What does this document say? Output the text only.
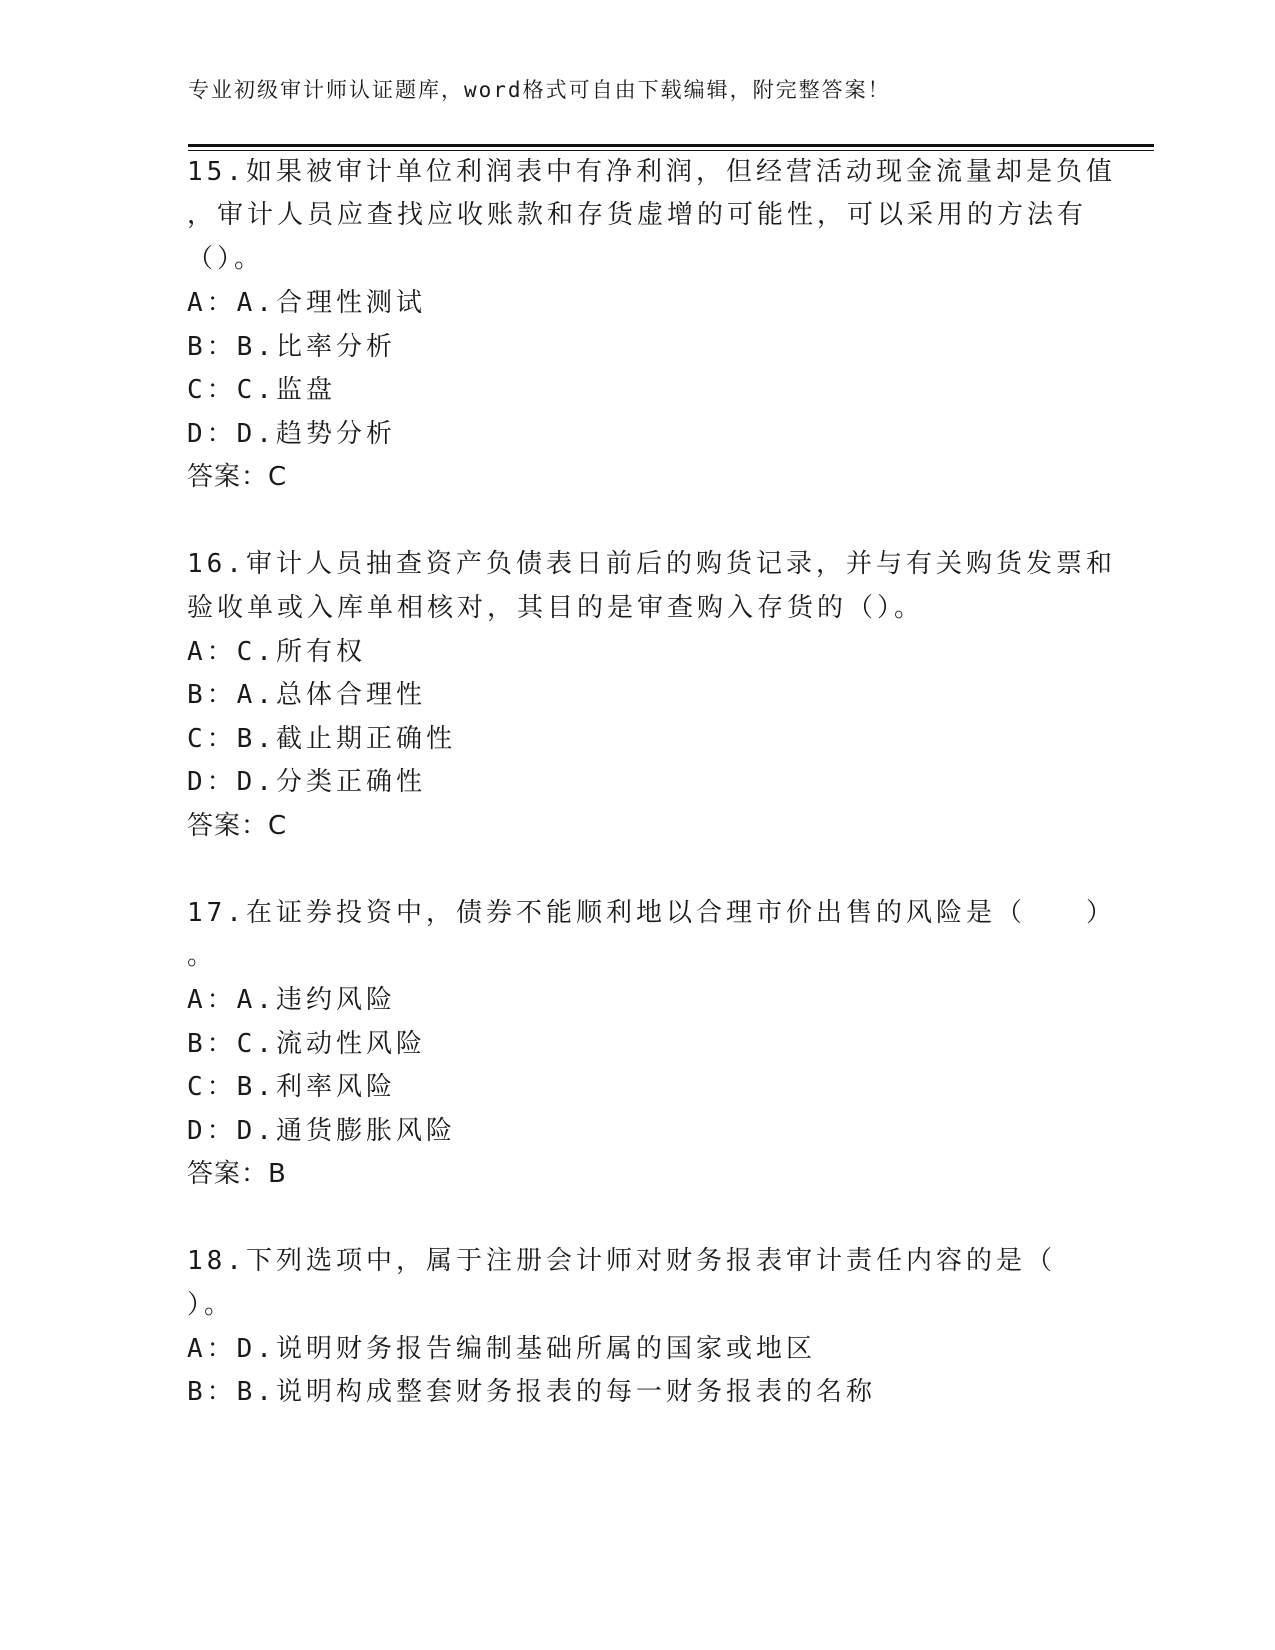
专业初级审计师认证题库，word格式可自由下载编辑，附完整答案！
15.如果被审计单位利润表中有净利润，但经营活动现金流量却是负值
，审计人员应查找应收账款和存货虚增的可能性，可以采用的方法有
（）。
A：A.合理性测试
B：B.比率分析
C：C.监盘
D：D.趋势分析
答案：C
16.审计人员抽查资产负债表日前后的购货记录，并与有关购货发票和
验收单或入库单相核对，其目的是审查购入存货的（）。
A：C.所有权
B：A.总体合理性
C：B.截止期正确性
D：D.分类正确性
答案：C
17.在证券投资中，债券不能顺利地以合理市价出售的风险是（　　）
。
A：A.违约风险
B：C.流动性风险
C：B.利率风险
D：D.通货膨胀风险
答案：B
18.下列选项中，属于注册会计师对财务报表审计责任内容的是（
）。
A：D.说明财务报告编制基础所属的国家或地区
B：B.说明构成整套财务报表的每一财务报表的名称
